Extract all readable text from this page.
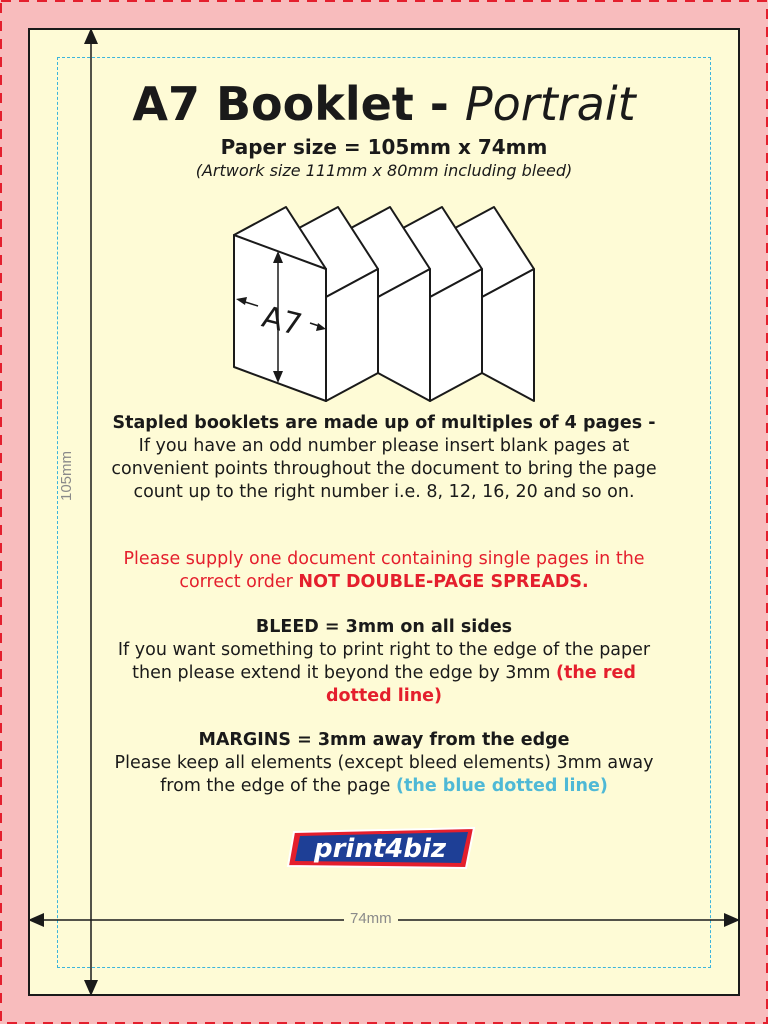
105mm
74mm
A7 Booklet - Portrait
Paper size = 105mm x 74mm
(Artwork size 111mm x 80mm including bleed)
A7
Stapled booklets are made up of multiples of 4 pages - If you have an odd number please insert blank pages at convenient points throughout the document to bring the page count up to the right number i.e. 8, 12, 16, 20 and so on.
Please supply one document containing single pages in the correct order NOT DOUBLE-PAGE SPREADS.
BLEED = 3mm on all sides
If you want something to print right to the edge of the paper then please extend it beyond the edge by 3mm (the red dotted line)
MARGINS = 3mm away from the edge
Please keep all elements (except bleed elements) 3mm away from the edge of the page (the blue dotted line)
print4biz
